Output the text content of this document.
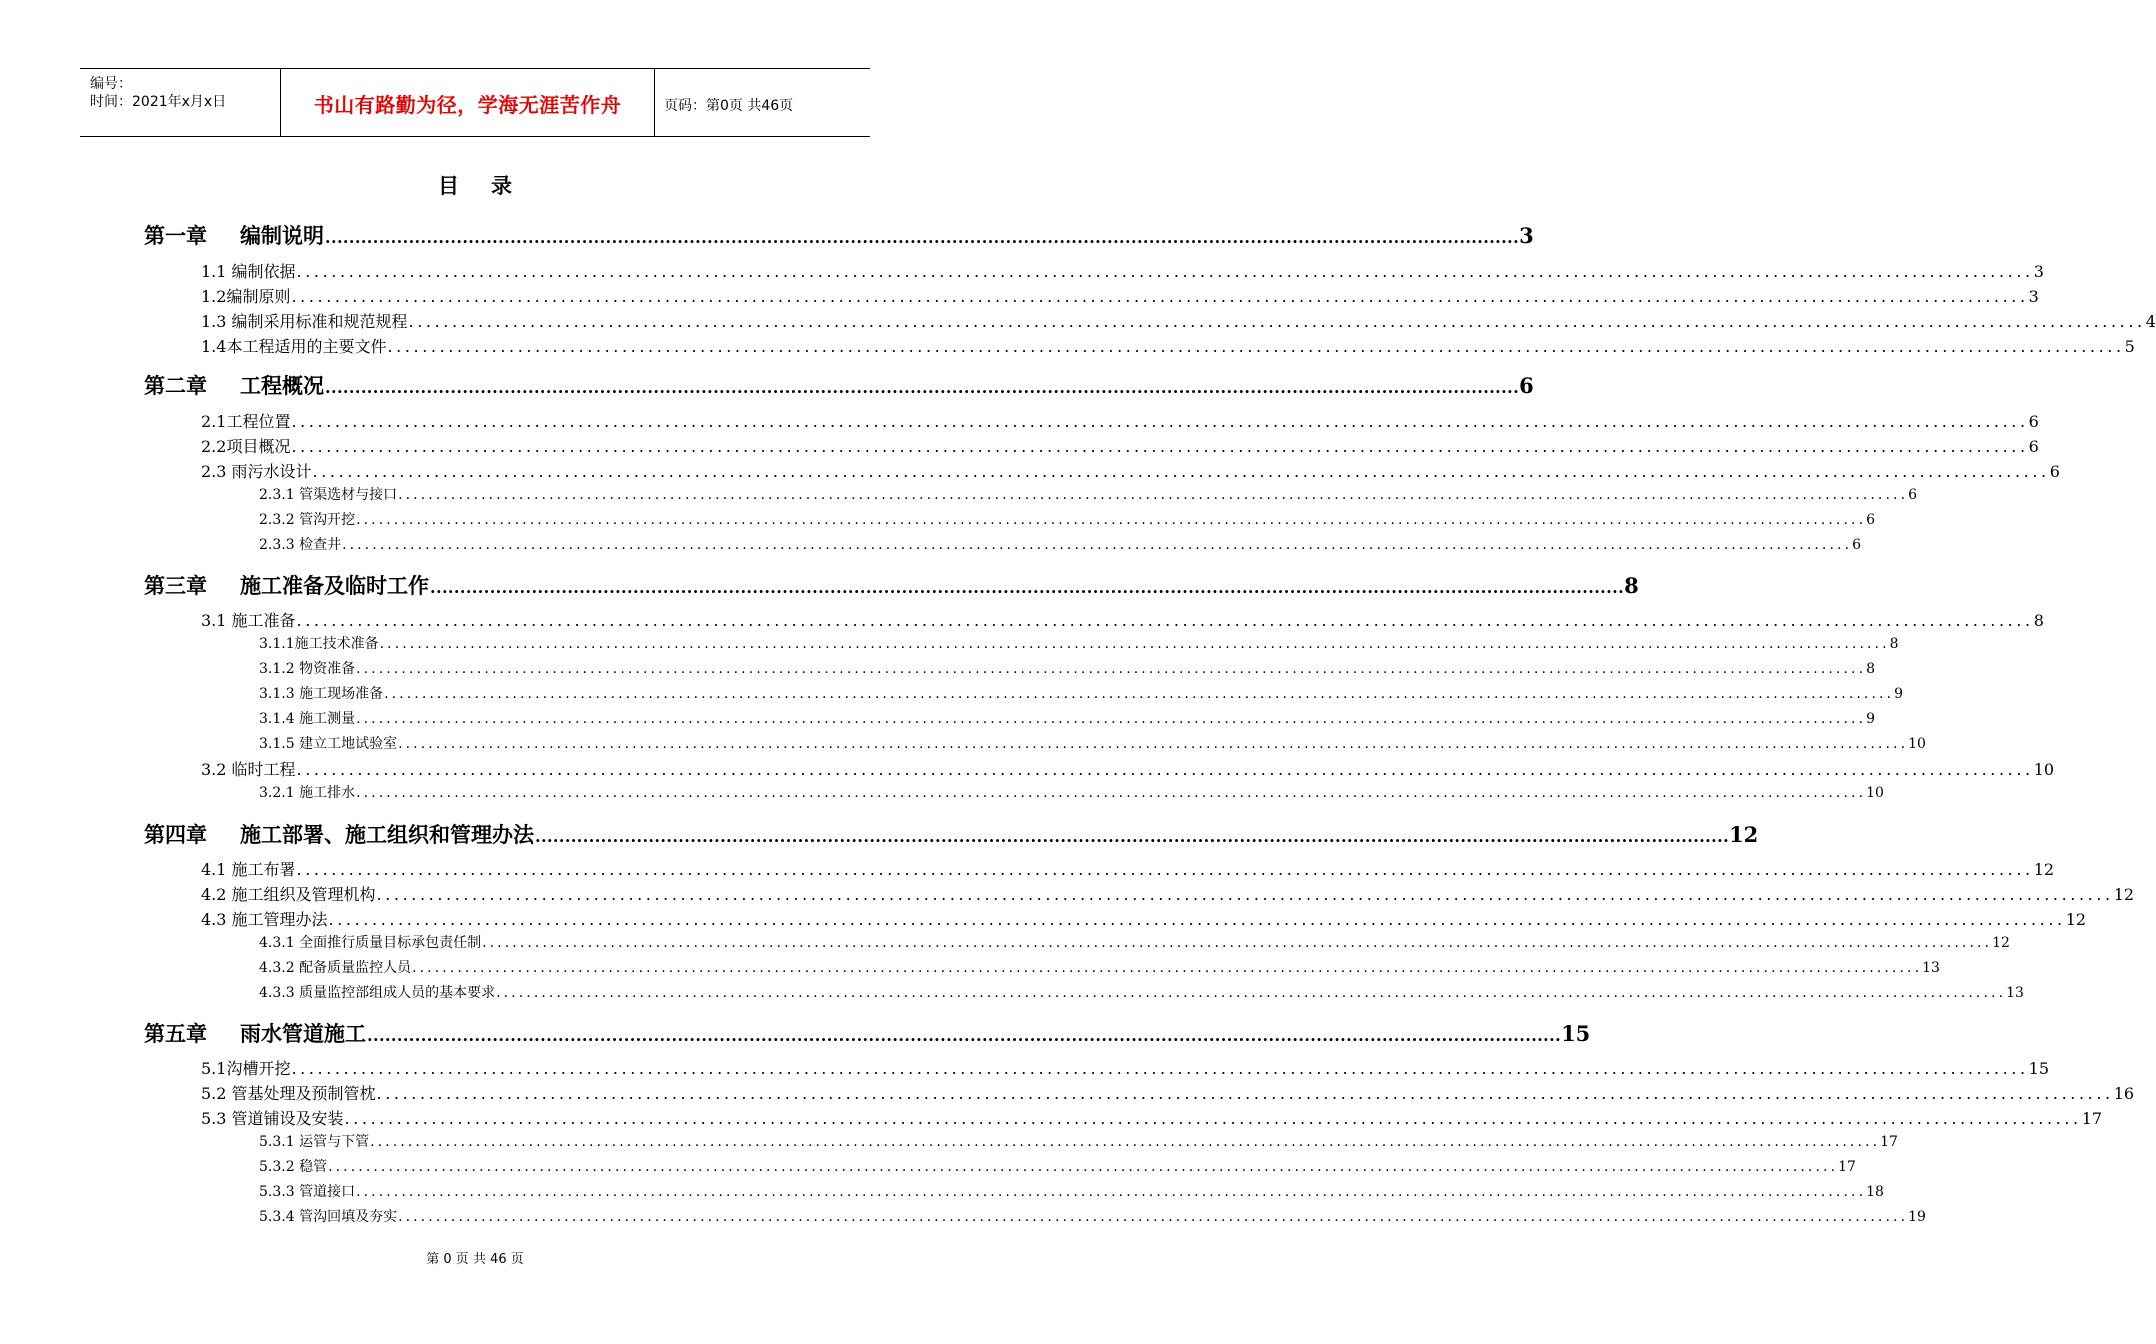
编号：
时间：2021年x月x日	书山有路勤为径，学海无涯苦作舟	页码：第0页 共46页
目录
第一章 编制说明 ........................................................................................................................................................................................................ 3
1.1 编制依据 ........................................................................................................................................................................................................ 3
1.2编制原则 ........................................................................................................................................................................................................ 3
1.3 编制采用标准和规范规程 ........................................................................................................................................................................................................ 4
1.4本工程适用的主要文件 ........................................................................................................................................................................................................ 5
第二章 工程概况 ........................................................................................................................................................................................................ 6
2.1工程位置 ........................................................................................................................................................................................................ 6
2.2项目概况 ........................................................................................................................................................................................................ 6
2.3 雨污水设计 ........................................................................................................................................................................................................ 6
2.3.1 管渠选材与接口 ........................................................................................................................................................................................................ 6
2.3.2 管沟开挖 ........................................................................................................................................................................................................ 6
2.3.3 检查井 ........................................................................................................................................................................................................ 6
第三章 施工准备及临时工作 ........................................................................................................................................................................................................ 8
3.1 施工准备 ........................................................................................................................................................................................................ 8
3.1.1施工技术准备 ........................................................................................................................................................................................................ 8
3.1.2 物资准备 ........................................................................................................................................................................................................ 8
3.1.3 施工现场准备 ........................................................................................................................................................................................................ 9
3.1.4 施工测量 ........................................................................................................................................................................................................ 9
3.1.5 建立工地试验室 ........................................................................................................................................................................................................ 10
3.2 临时工程 ........................................................................................................................................................................................................ 10
3.2.1 施工排水 ........................................................................................................................................................................................................ 10
第四章 施工部署、施工组织和管理办法 ........................................................................................................................................................................................................ 12
4.1 施工布署 ........................................................................................................................................................................................................ 12
4.2 施工组织及管理机构 ........................................................................................................................................................................................................ 12
4.3 施工管理办法 ........................................................................................................................................................................................................ 12
4.3.1 全面推行质量目标承包责任制 ........................................................................................................................................................................................................ 12
4.3.2 配备质量监控人员 ........................................................................................................................................................................................................ 13
4.3.3 质量监控部组成人员的基本要求 ........................................................................................................................................................................................................ 13
第五章 雨水管道施工 ........................................................................................................................................................................................................ 15
5.1沟槽开挖 ........................................................................................................................................................................................................ 15
5.2 管基处理及预制管枕 ........................................................................................................................................................................................................ 16
5.3 管道铺设及安装 ........................................................................................................................................................................................................ 17
5.3.1 运管与下管 ........................................................................................................................................................................................................ 17
5.3.2 稳管 ........................................................................................................................................................................................................ 17
5.3.3 管道接口 ........................................................................................................................................................................................................ 18
5.3.4 管沟回填及夯实 ........................................................................................................................................................................................................ 19
第 0 页 共 46 页
